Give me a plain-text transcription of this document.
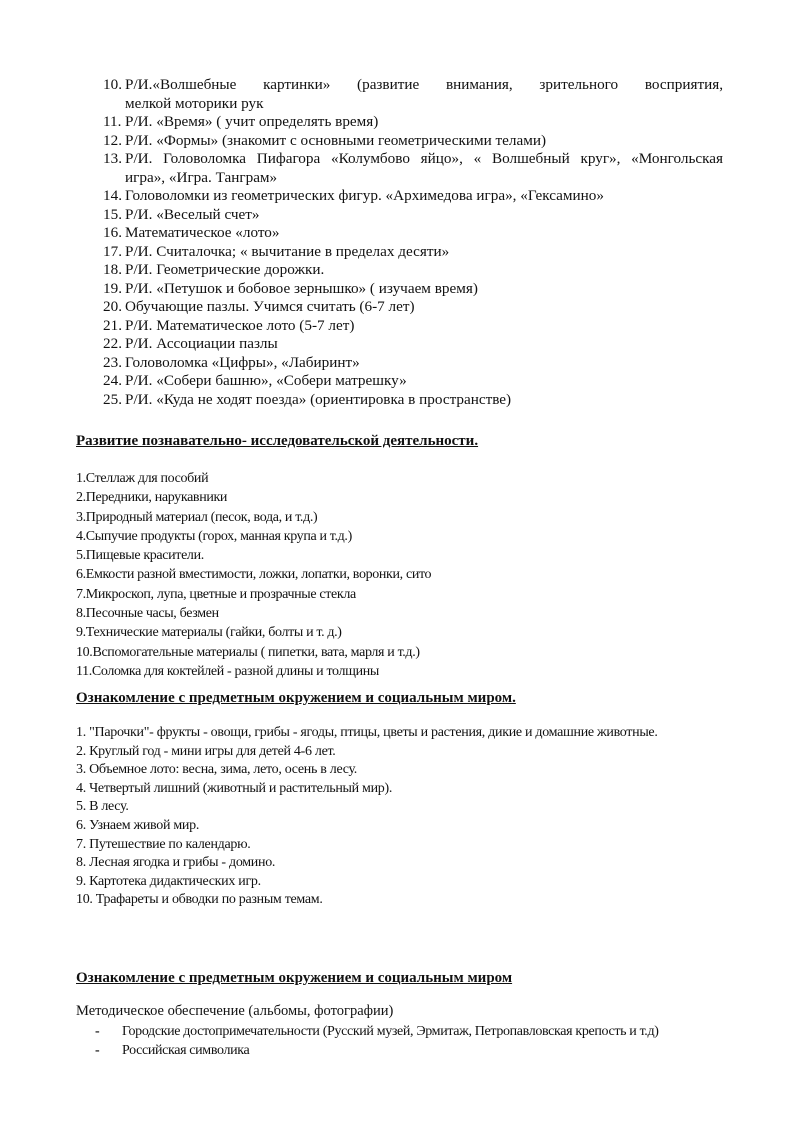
10. Р/И.«Волшебные картинки» (развитие внимания, зрительного восприятия,
мелкой моторики рук
11. Р/И. «Время» ( учит определять время)
12. Р/И. «Формы» (знакомит с основными геометрическими телами)
13. Р/И. Головоломка Пифагора «Колумбово яйцо», « Волшебный круг», «Монгольская
игра», «Игра. Тангрaм»
14. Головоломки из геометрических фигур. «Архимедова игра», «Гексамино»
15. Р/И. «Веселый счет»
16. Математическое «лото»
17. Р/И. Считалочка; « вычитание в пределах десяти»
18. Р/И. Геометрические дорожки.
19. Р/И. «Петушок и бобовое зернышко» ( изучаем время)
20. Обучающие пазлы. Учимся считать (6-7 лет)
21. Р/И. Математическое лото (5-7 лет)
22. Р/И. Ассоциации пазлы
23. Головоломка «Цифры», «Лабиринт»
24. Р/И. «Собери башню», «Собери матрешку»
25. Р/И. «Куда не ходят поезда» (ориентировка в пространстве)
Развитие познавательно- исследовательской деятельности.
1.Стеллаж для пособий
2.Передники, нарукавники
3.Природный материал (песок, вода, и т.д.)
4.Сыпучие продукты (горох, манная крупа и т.д.)
5.Пищевые красители.
6.Емкости разной вместимости, ложки, лопатки, воронки, сито
7.Микроскоп, лупа, цветные и прозрачные стекла
8.Песочные часы, безмен
9.Технические материалы (гайки, болты и т. д.)
10.Вспомогательные материалы ( пипетки, вата, марля и т.д.)
11.Соломка для коктейлей - разной длины и толщины
Ознакомление с предметным окружением и социальным миром.
1. "Парочки"- фрукты - овощи, грибы - ягоды, птицы, цветы и растения, дикие и домашние животные.
2. Круглый год - мини игры для детей 4-6 лет.
3. Объемное лото: весна, зима, лето, осень в лесу.
4. Четвертый лишний (животный и растительный мир).
5. В лесу.
6. Узнаем живой мир.
7. Путешествие по календарю.
8. Лесная ягодка и грибы - домино.
9. Картотека дидактических игр.
10. Трафареты и обводки по разным темам.
Ознакомление с предметным окружением и социальным миром
Методическое обеспечение (альбомы, фотографии)
-	Городские достопримечательности (Русский музей, Эрмитаж, Петропавловская крепость и т.д)
-	Российская символика
